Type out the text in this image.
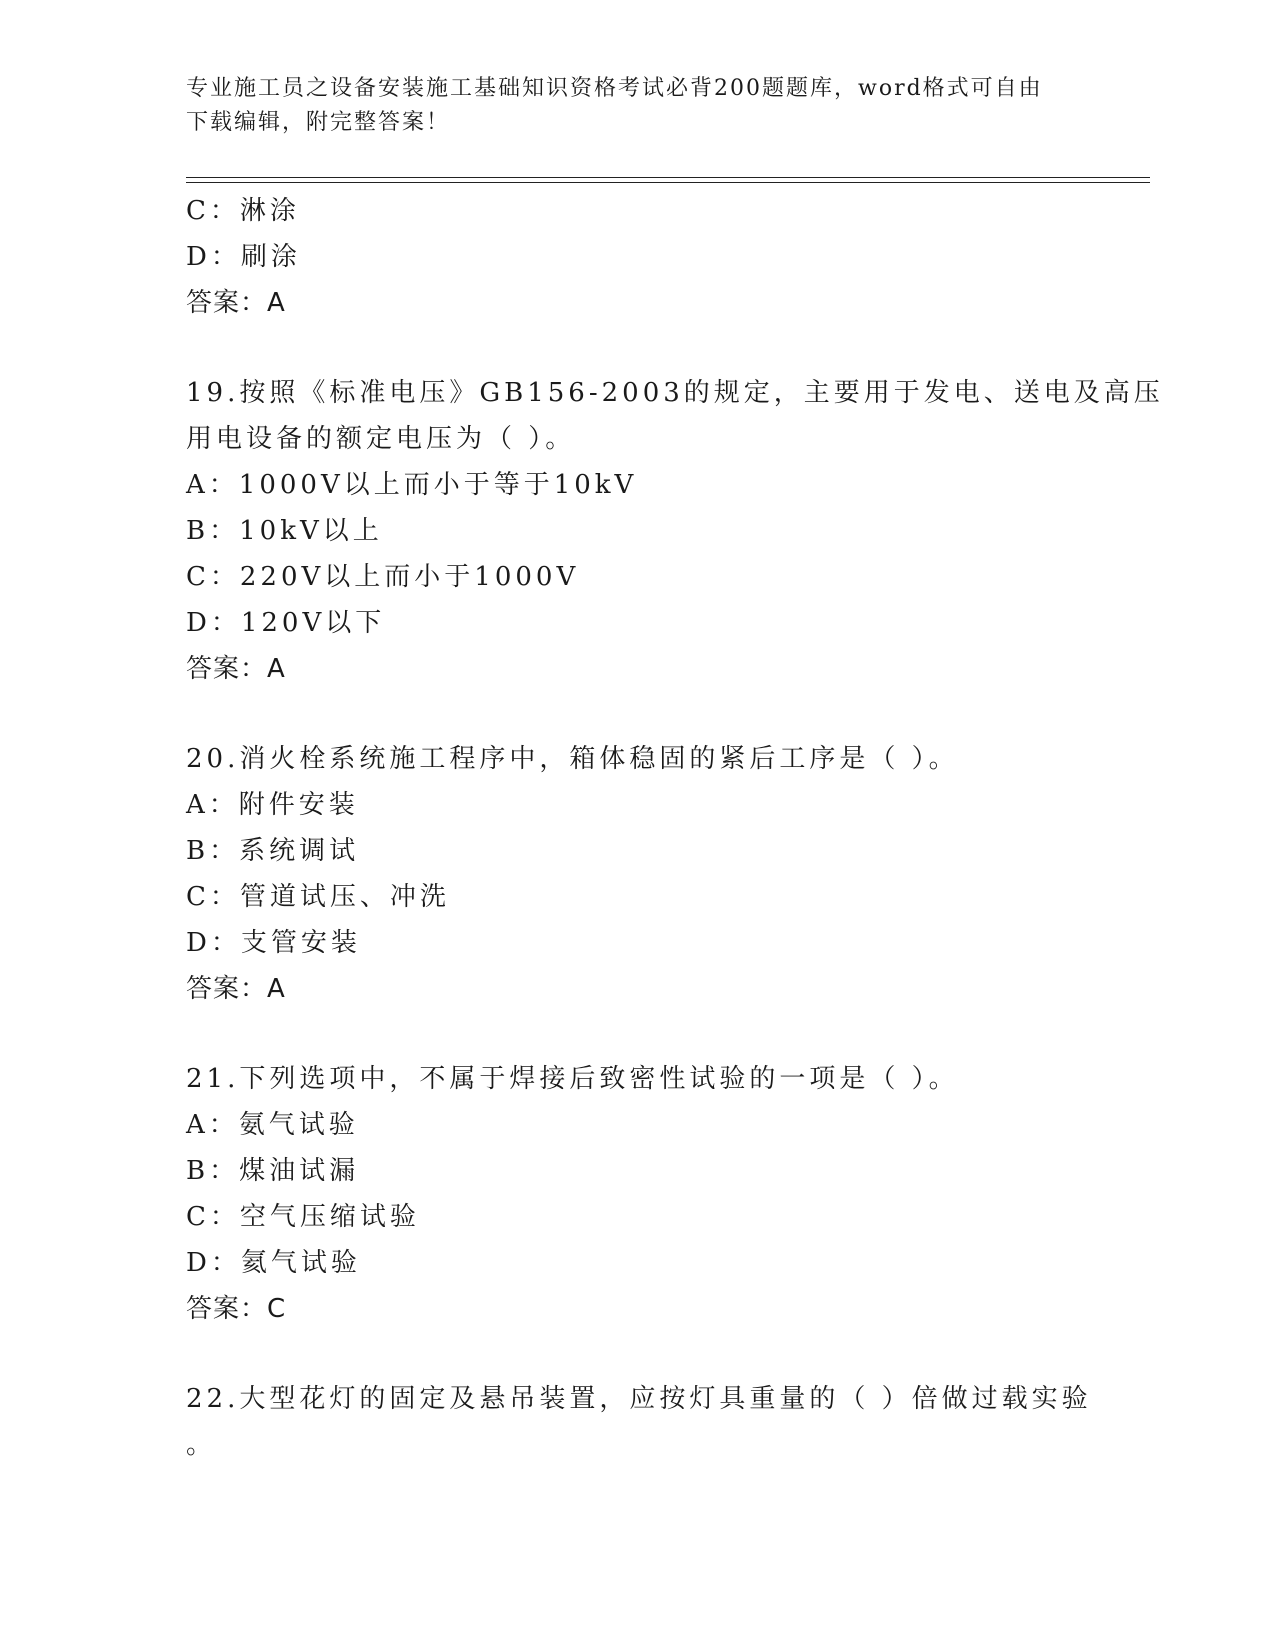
专业施工员之设备安装施工基础知识资格考试必背200题题库，word格式可自由
下载编辑，附完整答案！
C：淋涂
D：刷涂
答案：A
19.按照《标准电压》GB156-2003的规定，主要用于发电、送电及高压
用电设备的额定电压为（ ）。
A：1000V以上而小于等于10kV
B：10kV以上
C：220V以上而小于1000V
D：120V以下
答案：A
20.消火栓系统施工程序中，箱体稳固的紧后工序是（ ）。
A：附件安装
B：系统调试
C：管道试压、冲洗
D：支管安装
答案：A
21.下列选项中，不属于焊接后致密性试验的一项是（ ）。
A：氨气试验
B：煤油试漏
C：空气压缩试验
D：氦气试验
答案：C
22.大型花灯的固定及悬吊装置，应按灯具重量的（ ）倍做过载实验
。
